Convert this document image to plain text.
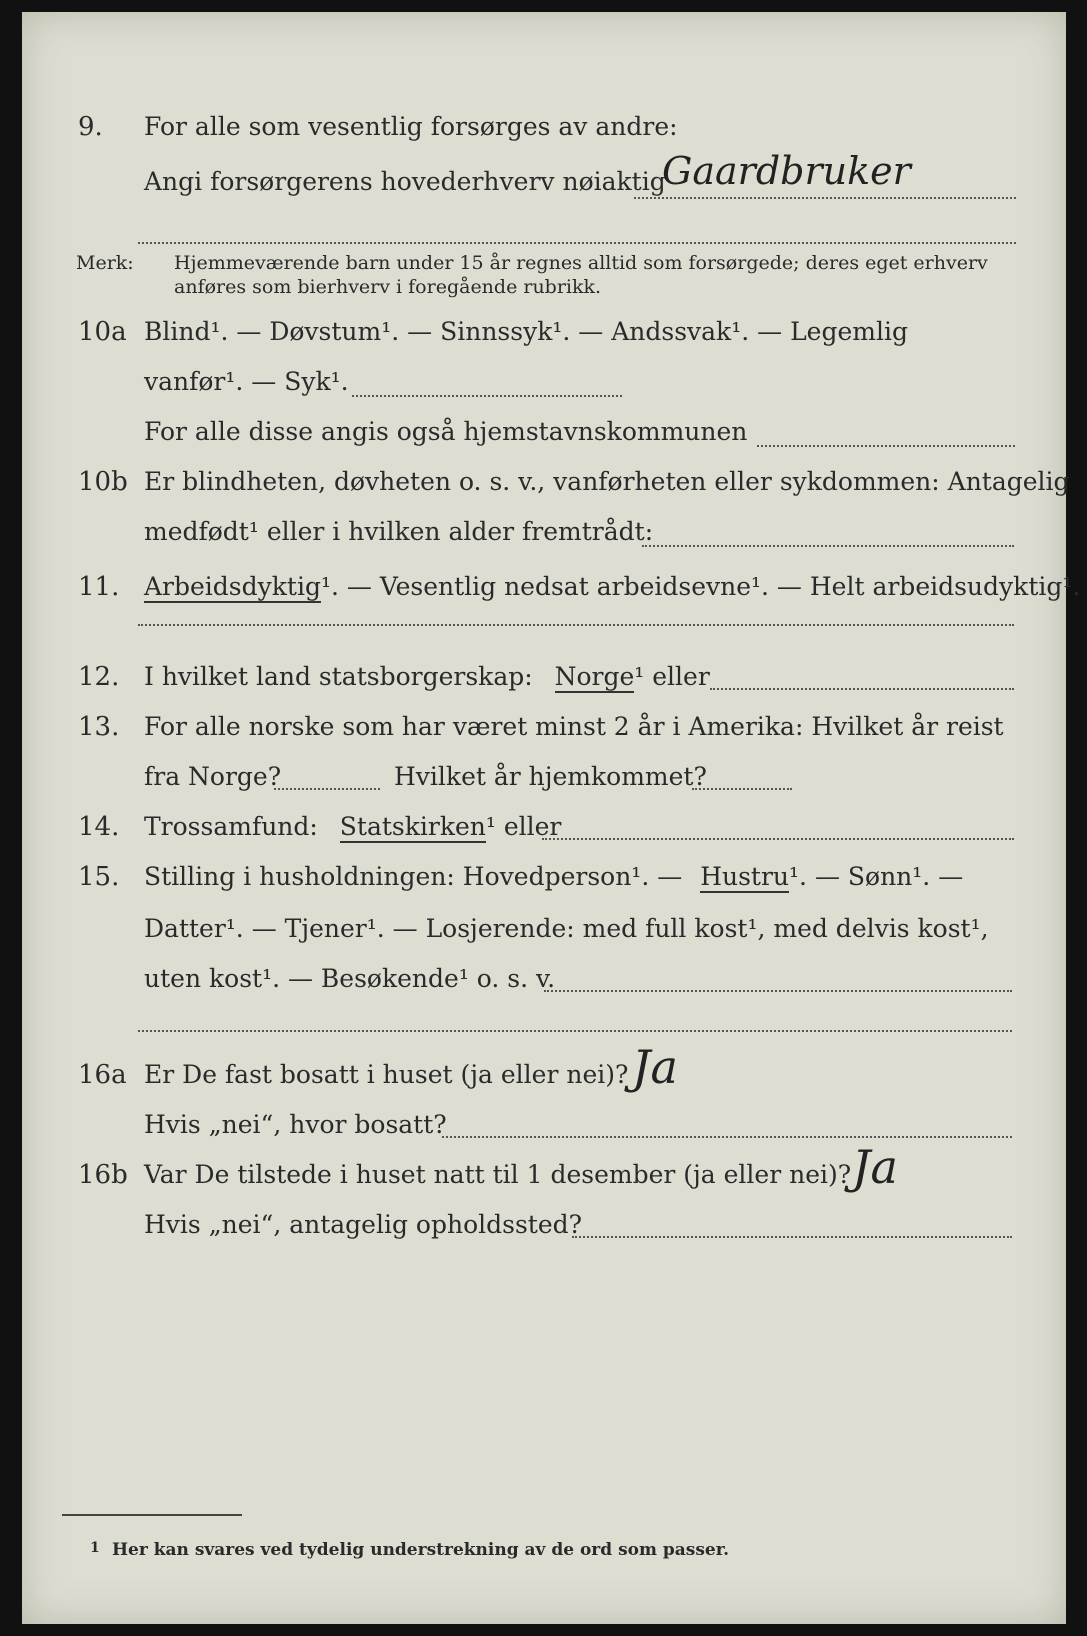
9. For alle som vesentlig forsørges av andre:
Angi forsørgerens hovederhverv nøiaktig
Gaardbruker
Merk: Hjemmeværende barn under 15 år regnes alltid som forsørgede; deres eget erhverv
anføres som bierhverv i foregående rubrikk.
10a Blind¹. — Døvstum¹. — Sinnssyk¹. — Andssvak¹. — Legemlig
vanfør¹. — Syk¹.
For alle disse angis også hjemstavnskommunen
10b Er blindheten, døvheten o. s. v., vanførheten eller sykdommen: Antagelig
medfødt¹ eller i hvilken alder fremtrådt:
11. Arbeidsdyktig¹. — Vesentlig nedsat arbeidsevne¹. — Helt arbeidsudyktig¹.
12. I hvilket land statsborgerskap: Norge¹ eller
13. For alle norske som har været minst 2 år i Amerika: Hvilket år reist
fra Norge?	Hvilket år hjemkommet?
14. Trossamfund: Statskirken¹ eller
15. Stilling i husholdningen: Hovedperson¹. — Hustru¹. — Sønn¹. —
Datter¹. — Tjener¹. — Losjerende: med full kost¹, med delvis kost¹,
uten kost¹. — Besøkende¹ o. s. v.
16a Er De fast bosatt i huset (ja eller nei)? Ja
Hvis „nei“, hvor bosatt?
16b Var De tilstede i huset natt til 1 desember (ja eller nei)? Ja
Hvis „nei“, antagelig opholdssted?
1 Her kan svares ved tydelig understrekning av de ord som passer.
